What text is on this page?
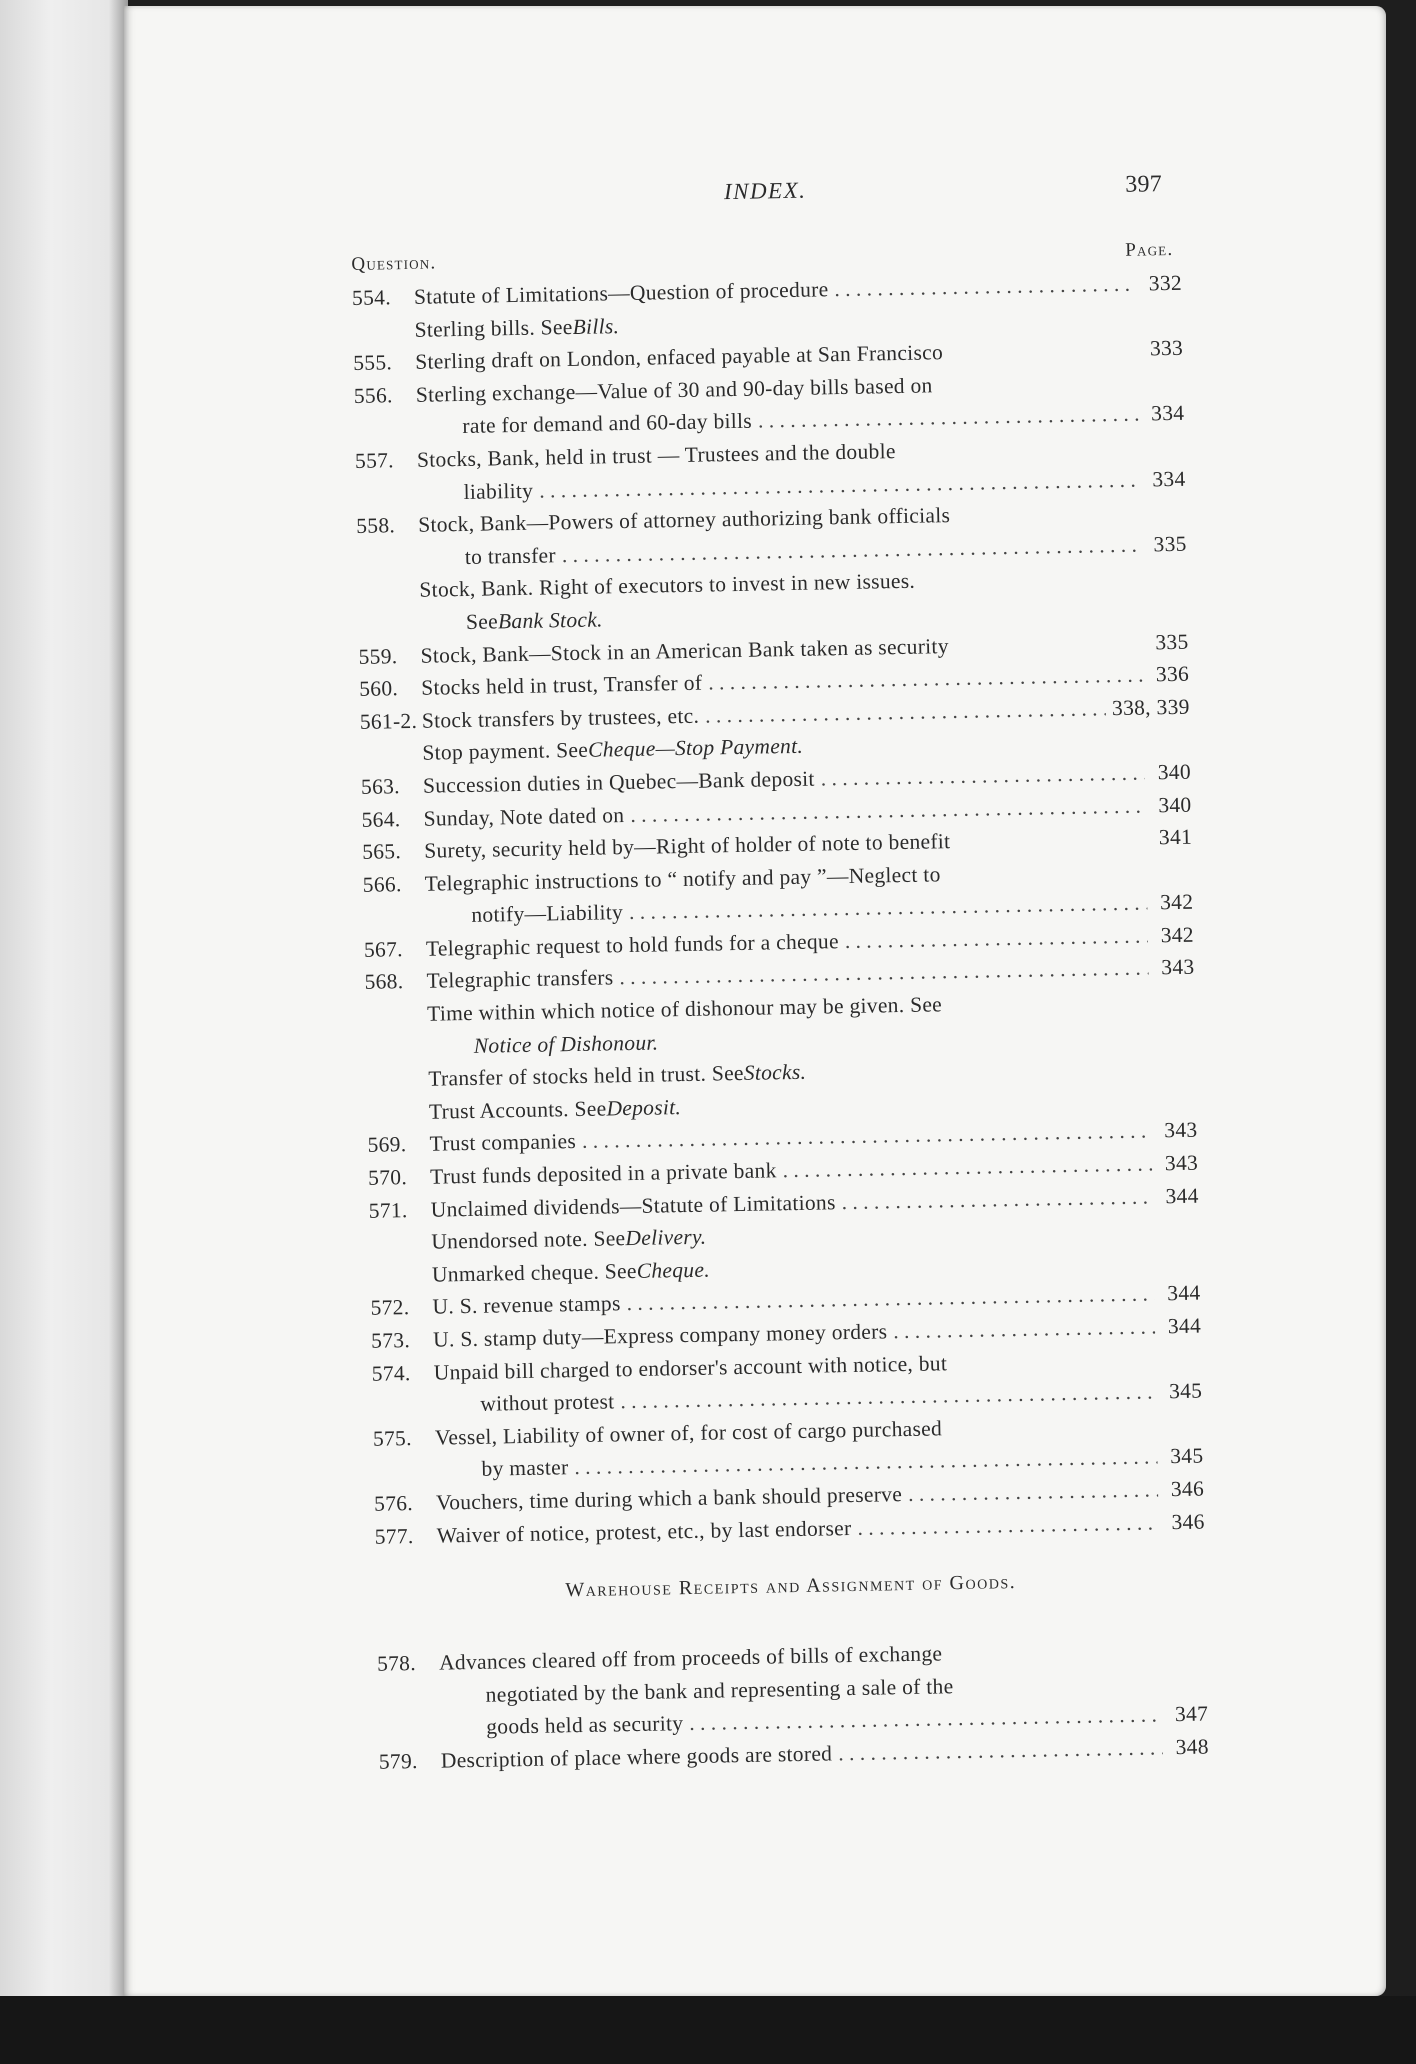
INDEX.	397
Question.
Page.
554.	Statute of Limitations—Question of procedure . . .	332
Sterling bills. See Bills.
555.	Sterling draft on London, enfaced payable at San Francisco	333
556.	Sterling exchange—Value of 30 and 90-day bills based on
rate for demand and 60-day bills . . .	334
557.	Stocks, Bank, held in trust — Trustees and the double
liability . . .	334
558.	Stock, Bank—Powers of attorney authorizing bank officials
to transfer . . .	335
Stock, Bank. Right of executors to invest in new issues.
See Bank Stock.
559.	Stock, Bank—Stock in an American Bank taken as security	335
560.	Stocks held in trust, Transfer of . . .	336
561-2. Stock transfers by trustees, etc. . . .	338, 339
Stop payment. See Cheque—Stop Payment.
563.	Succession duties in Quebec—Bank deposit . . .	340
564.	Sunday, Note dated on . . .	340
565.	Surety, security held by—Right of holder of note to benefit	341
566.	Telegraphic instructions to “ notify and pay ”—Neglect to
notify—Liability . . .	342
567.	Telegraphic request to hold funds for a cheque . . .	342
568.	Telegraphic transfers . . .	343
Time within which notice of dishonour may be given. See
Notice of Dishonour.
Transfer of stocks held in trust. See Stocks.
Trust Accounts. See Deposit.
569.	Trust companies . . .	343
570.	Trust funds deposited in a private bank . . .	343
571.	Unclaimed dividends—Statute of Limitations . . .	344
Unendorsed note. See Delivery.
Unmarked cheque. See Cheque.
572.	U. S. revenue stamps . . .	344
573.	U. S. stamp duty—Express company money orders . . .	344
574.	Unpaid bill charged to endorser's account with notice, but
without protest . . .	345
575.	Vessel, Liability of owner of, for cost of cargo purchased
by master . . .	345
576.	Vouchers, time during which a bank should preserve . . .	346
577.	Waiver of notice, protest, etc., by last endorser . . .	346
Warehouse Receipts and Assignment of Goods.
578.	Advances cleared off from proceeds of bills of exchange
negotiated by the bank and representing a sale of the
goods held as security . . .	347
579.	Description of place where goods are stored . . .	348
